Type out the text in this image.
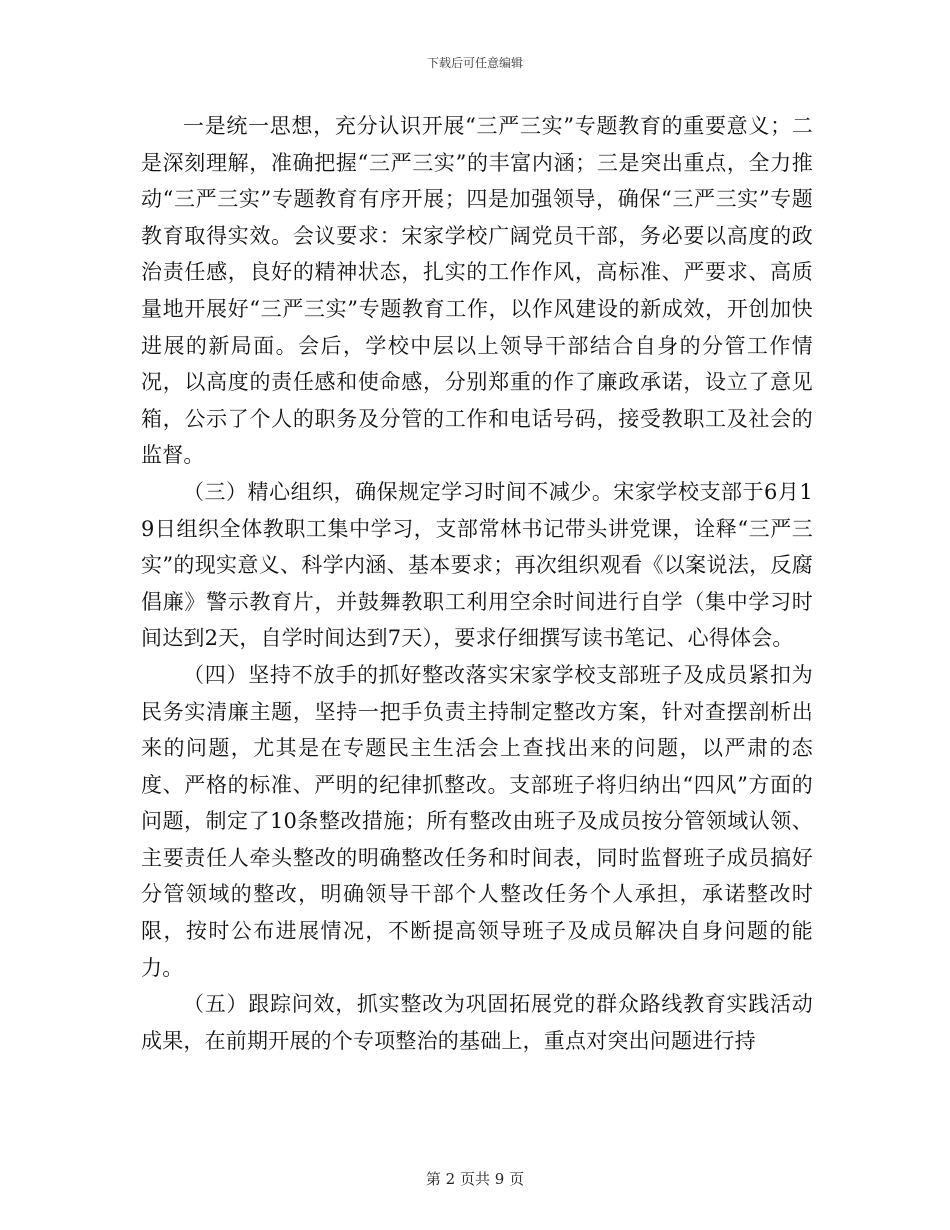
下载后可任意编辑

一是统一思想，充分认识开展“三严三实”专题教育的重要意义；二是深刻理解，准确把握“三严三实”的丰富内涵；三是突出重点，全力推动“三严三实”专题教育有序开展；四是加强领导，确保“三严三实”专题教育取得实效。会议要求：宋家学校广阔党员干部，务必要以高度的政治责任感，良好的精神状态，扎实的工作作风，高标准、严要求、高质量地开展好“三严三实”专题教育工作，以作风建设的新成效，开创加快进展的新局面。会后，学校中层以上领导干部结合自身的分管工作情况，以高度的责任感和使命感，分别郑重的作了廉政承诺，设立了意见箱，公示了个人的职务及分管的工作和电话号码，接受教职工及社会的监督。

（三）精心组织，确保规定学习时间不减少。宋家学校支部于6月19日组织全体教职工集中学习，支部常林书记带头讲党课，诠释“三严三实”的现实意义、科学内涵、基本要求；再次组织观看《以案说法，反腐倡廉》警示教育片，并鼓舞教职工利用空余时间进行自学（集中学习时间达到2天，自学时间达到7天），要求仔细撰写读书笔记、心得体会。

（四）坚持不放手的抓好整改落实宋家学校支部班子及成员紧扣为民务实清廉主题，坚持一把手负责主持制定整改方案，针对查摆剖析出来的问题，尤其是在专题民主生活会上查找出来的问题，以严肃的态度、严格的标准、严明的纪律抓整改。支部班子将归纳出“四风”方面的问题，制定了10条整改措施；所有整改由班子及成员按分管领域认领、主要责任人牵头整改的明确整改任务和时间表，同时监督班子成员搞好分管领域的整改，明确领导干部个人整改任务个人承担，承诺整改时限，按时公布进展情况，不断提高领导班子及成员解决自身问题的能力。

（五）跟踪问效，抓实整改为巩固拓展党的群众路线教育实践活动成果，在前期开展的个专项整治的基础上，重点对突出问题进行持

第 2 页共 9 页
